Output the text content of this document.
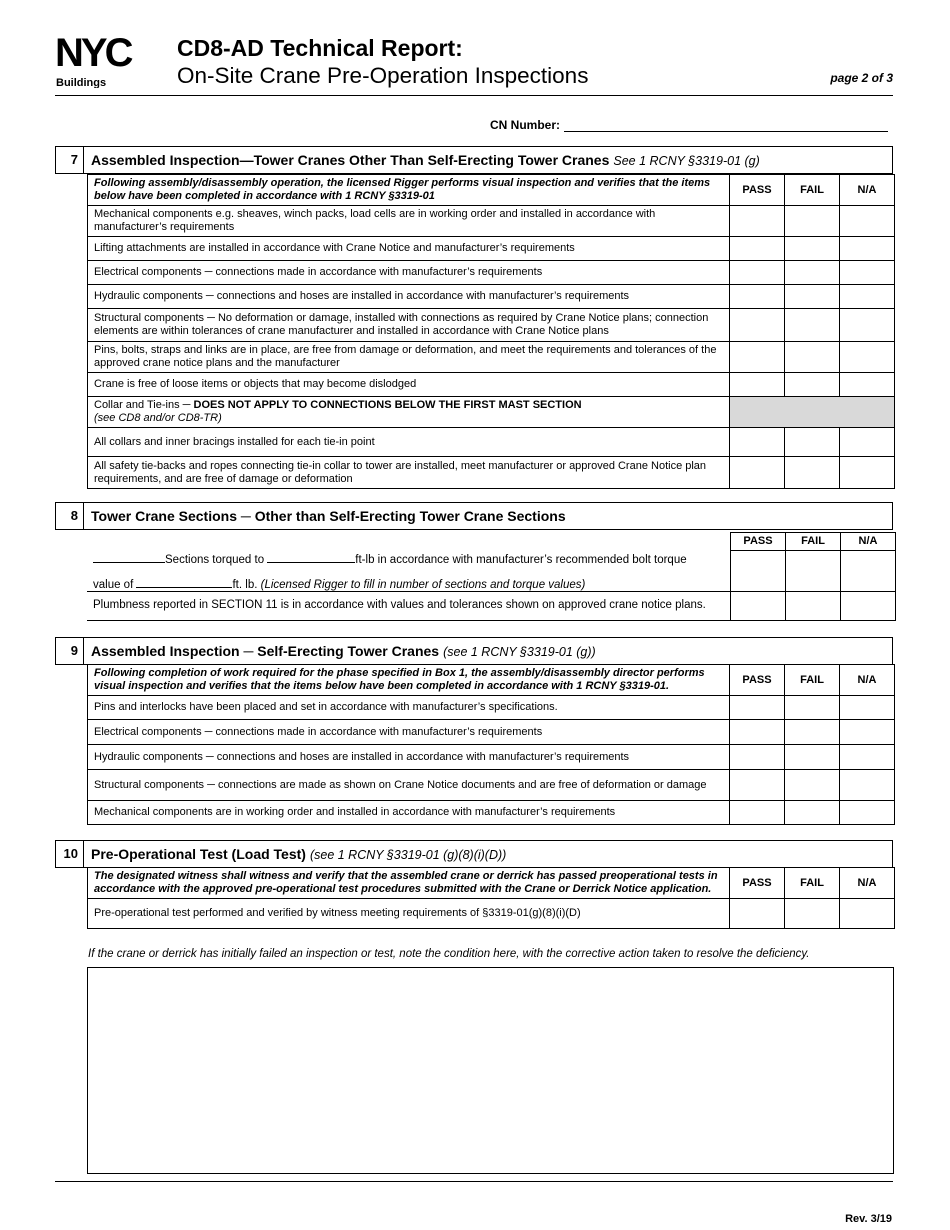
NYC
Buildings
CD8-AD Technical Report:
On-Site Crane Pre-Operation Inspections	page 2 of 3
CN Number:
7 Assembled Inspection—Tower Cranes Other Than Self-Erecting Tower Cranes See 1 RCNY §3319-01 (g)
Following assembly/disassembly operation, the licensed Rigger performs visual inspection and verifies that the items below have been completed in accordance with 1 RCNY §3319-01	PASS	FAIL	N/A
Mechanical components e.g. sheaves, winch packs, load cells are in working order and installed in accordance with manufacturer’s requirements			
Lifting attachments are installed in accordance with Crane Notice and manufacturer’s requirements			
Electrical components ─ connections made in accordance with manufacturer’s requirements			
Hydraulic components ─ connections and hoses are installed in accordance with manufacturer’s requirements			
Structural components ─ No deformation or damage, installed with connections as required by Crane Notice plans; connection elements are within tolerances of crane manufacturer and installed in accordance with Crane Notice plans			
Pins, bolts, straps and links are in place, are free from damage or deformation, and meet the requirements and tolerances of the approved crane notice plans and the manufacturer			
Crane is free of loose items or objects that may become dislodged			
Collar and Tie-ins ─ DOES NOT APPLY TO CONNECTIONS BELOW THE FIRST MAST SECTION
(see CD8 and/or CD8-TR)			
All collars and inner bracings installed for each tie-in point			
All safety tie-backs and ropes connecting tie-in collar to tower are installed, meet manufacturer or approved Crane Notice plan requirements, and are free of damage or deformation			
8 Tower Crane Sections ─ Other than Self-Erecting Tower Crane Sections
PASS	FAIL	N/A

Sections torqued to	ft-lb in accordance with manufacturer’s recommended bolt torque
value of	ft. lb. (Licensed Rigger to fill in number of sections and torque values)
Plumbness reported in SECTION 11 is in accordance with values and tolerances shown on approved crane notice plans.
9 Assembled Inspection ─ Self-Erecting Tower Cranes (see 1 RCNY §3319-01 (g))
Following completion of work required for the phase specified in Box 1, the assembly/disassembly director performs visual inspection and verifies that the items below have been completed in accordance with 1 RCNY §3319-01.	PASS	FAIL	N/A
Pins and interlocks have been placed and set in accordance with manufacturer’s specifications.			
Electrical components ─ connections made in accordance with manufacturer’s requirements			
Hydraulic components ─ connections and hoses are installed in accordance with manufacturer’s requirements			
Structural components ─ connections are made as shown on Crane Notice documents and are free of deformation or damage			
Mechanical components are in working order and installed in accordance with manufacturer’s requirements			
10 Pre-Operational Test (Load Test) (see 1 RCNY §3319-01 (g)(8)(i)(D))
The designated witness shall witness and verify that the assembled crane or derrick has passed preoperational tests in accordance with the approved pre-operational test procedures submitted with the Crane or Derrick Notice application.	PASS	FAIL	N/A
Pre-operational test performed and verified by witness meeting requirements of §3319-01(g)(8)(i)(D)			
If the crane or derrick has initially failed an inspection or test, note the condition here, with the corrective action taken to resolve the deficiency.
Rev. 3/19
